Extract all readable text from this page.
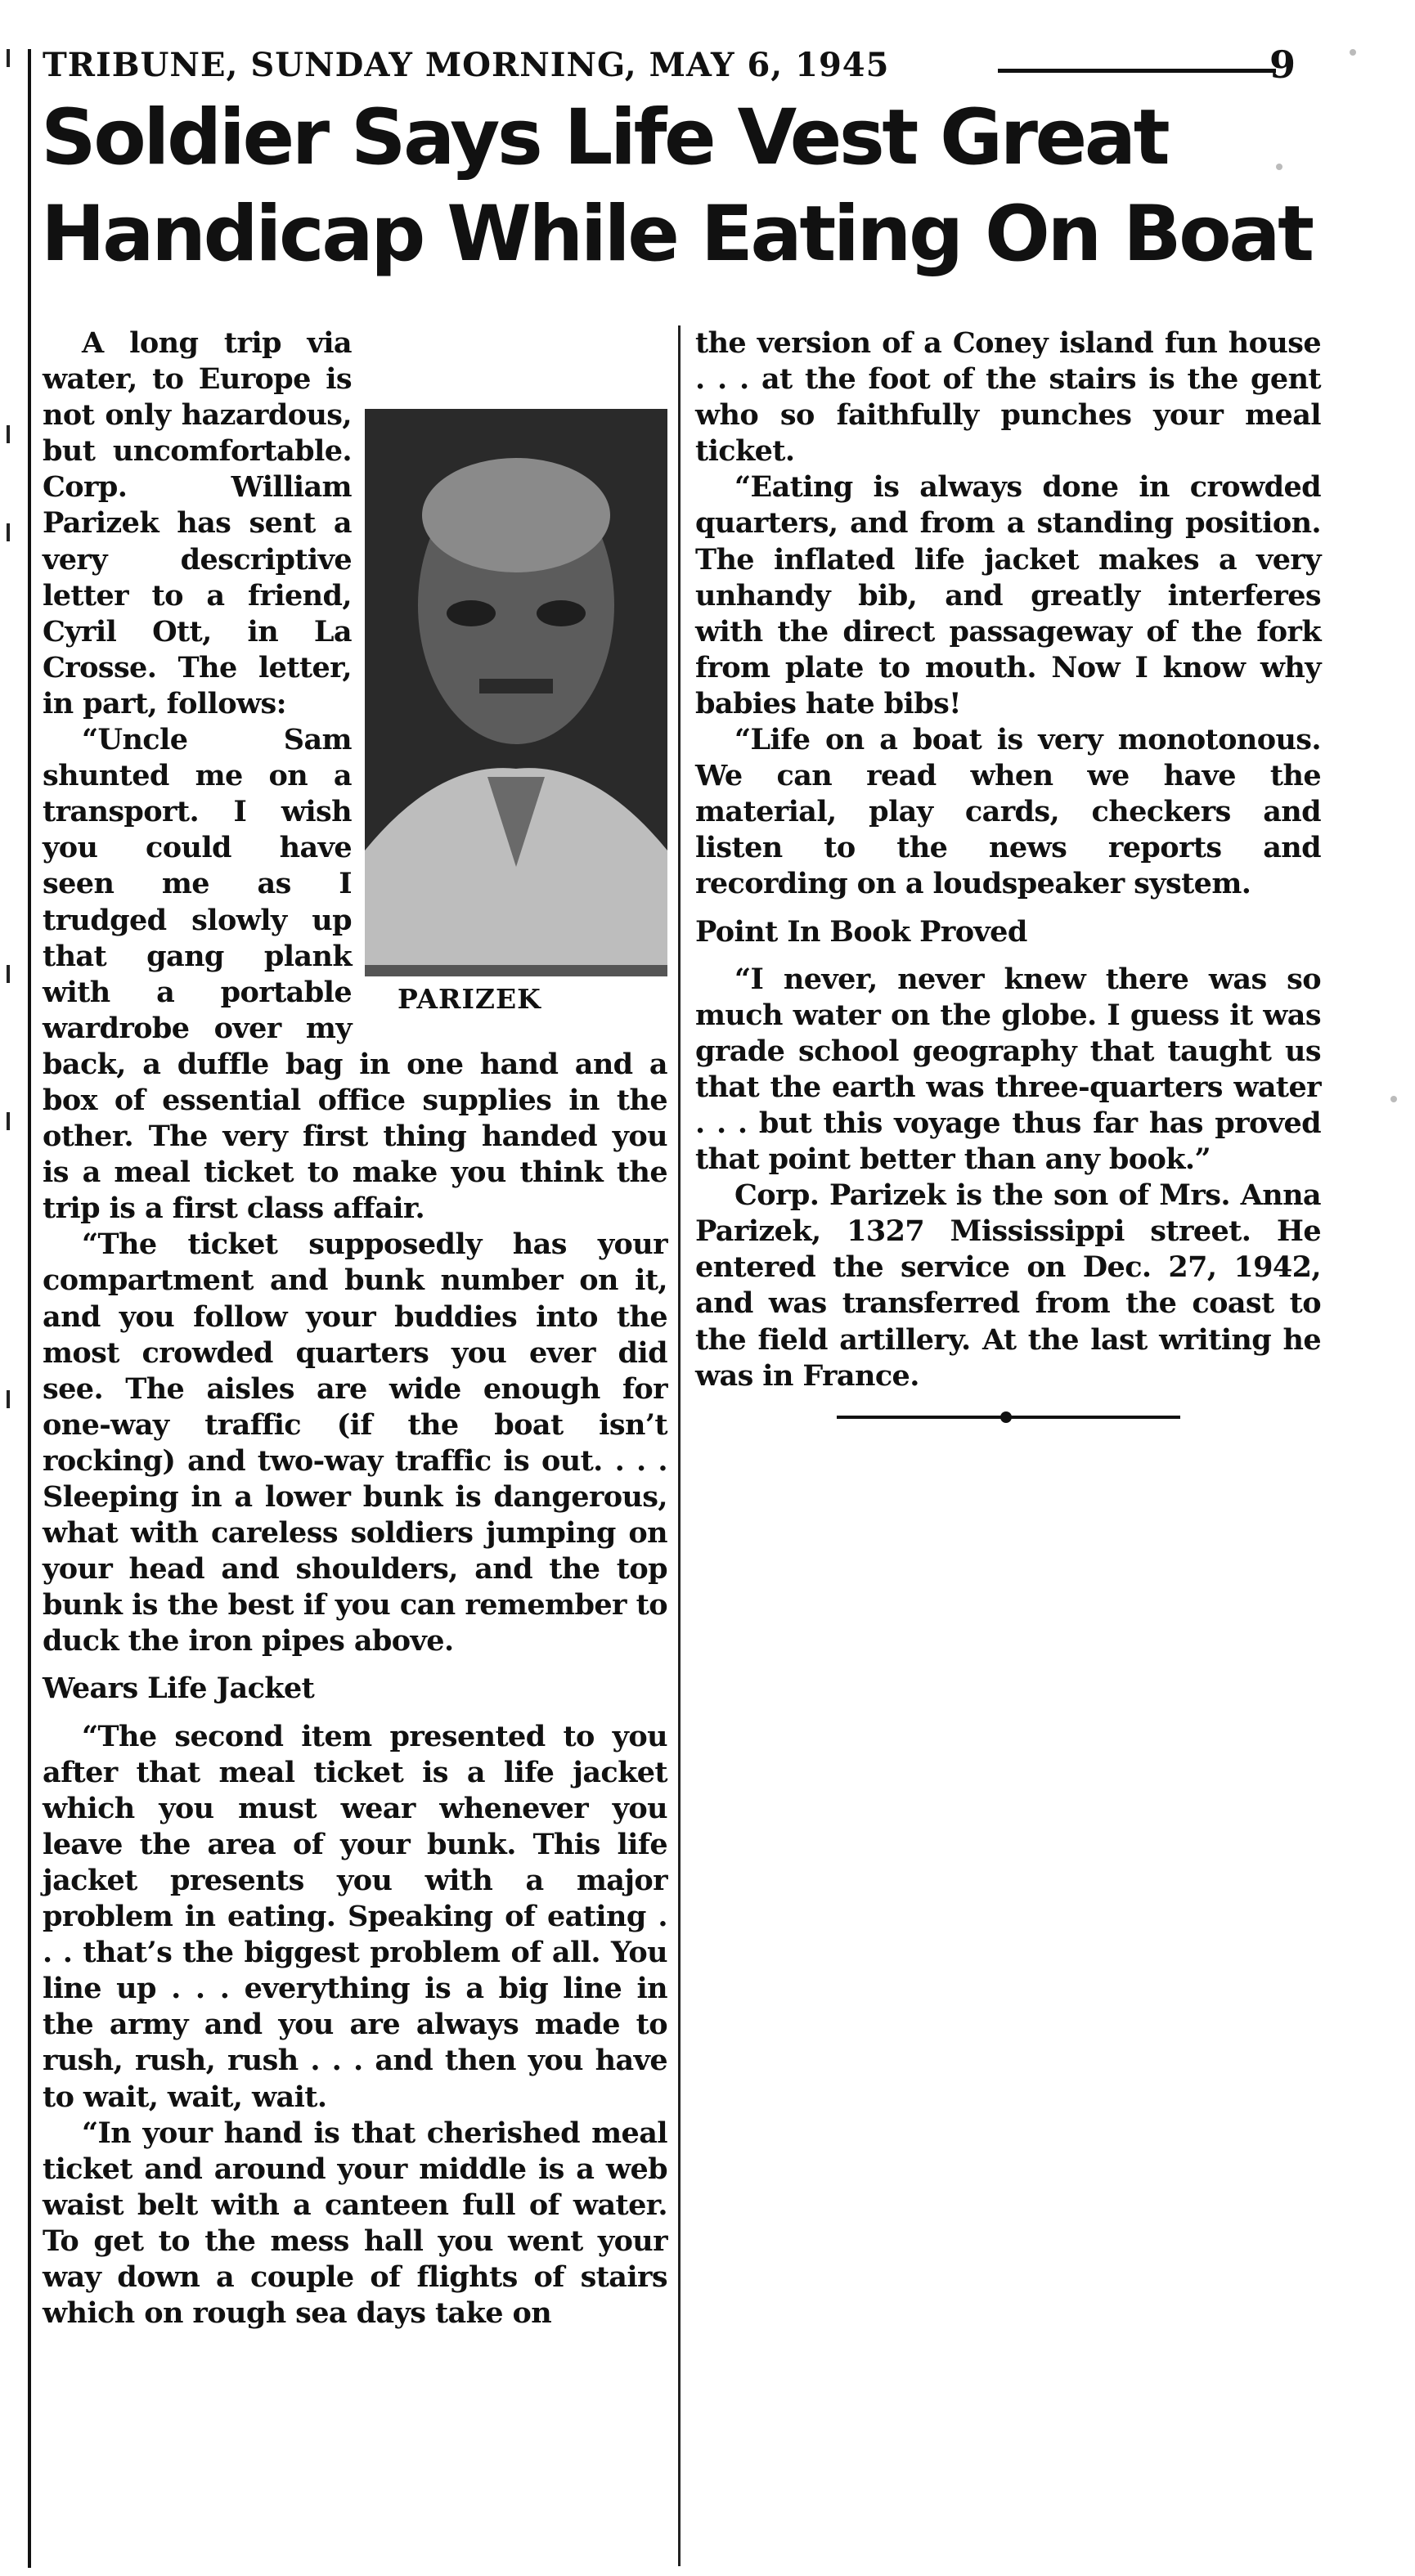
TRIBUNE, SUNDAY MORNING, MAY 6, 1945	9
Soldier Says Life Vest Great
Handicap While Eating On Boat
PARIZEK

A long trip via water, to Europe is not only hazardous, but uncomfortable. Corp. William Parizek has sent a very descriptive letter to a friend, Cyril Ott, in La Crosse. The letter, in part, follows:

“Uncle Sam shunted me on a transport. I wish you could have seen me as I trudged slowly up that gang plank with a portable wardrobe over my back, a duffle bag in one hand and a box of essential office supplies in the other. The very first thing handed you is a meal ticket to make you think the trip is a first class affair.

“The ticket supposedly has your compartment and bunk number on it, and you follow your buddies into the most crowded quarters you ever did see. The aisles are wide enough for one-way traffic (if the boat isn’t rocking) and two-way traffic is out. . . . Sleeping in a lower bunk is dangerous, what with careless soldiers jumping on your head and shoulders, and the top bunk is the best if you can remember to duck the iron pipes above.

Wears Life Jacket

“The second item presented to you after that meal ticket is a life jacket which you must wear whenever you leave the area of your bunk. This life jacket presents you with a major problem in eating. Speaking of eating . . . that’s the biggest problem of all. You line up . . . everything is a big line in the army and you are always made to rush, rush, rush . . . and then you have to wait, wait, wait.

“In your hand is that cherished meal ticket and around your middle is a web waist belt with a canteen full of water. To get to the mess hall you went your way down a couple of flights of stairs which on rough sea days take on

the version of a Coney island fun house . . . at the foot of the stairs is the gent who so faithfully punches your meal ticket.

“Eating is always done in crowded quarters, and from a standing position. The inflated life jacket makes a very unhandy bib, and greatly interferes with the direct passageway of the fork from plate to mouth. Now I know why babies hate bibs!

“Life on a boat is very monotonous. We can read when we have the material, play cards, checkers and listen to the news reports and recording on a loudspeaker system.

Point In Book Proved

“I never, never knew there was so much water on the globe. I guess it was grade school geography that taught us that the earth was three-quarters water . . . but this voyage thus far has proved that point better than any book.”

Corp. Parizek is the son of Mrs. Anna Parizek, 1327 Mississippi street. He entered the service on Dec. 27, 1942, and was transferred from the coast to the field artillery. At the last writing he was in France.
